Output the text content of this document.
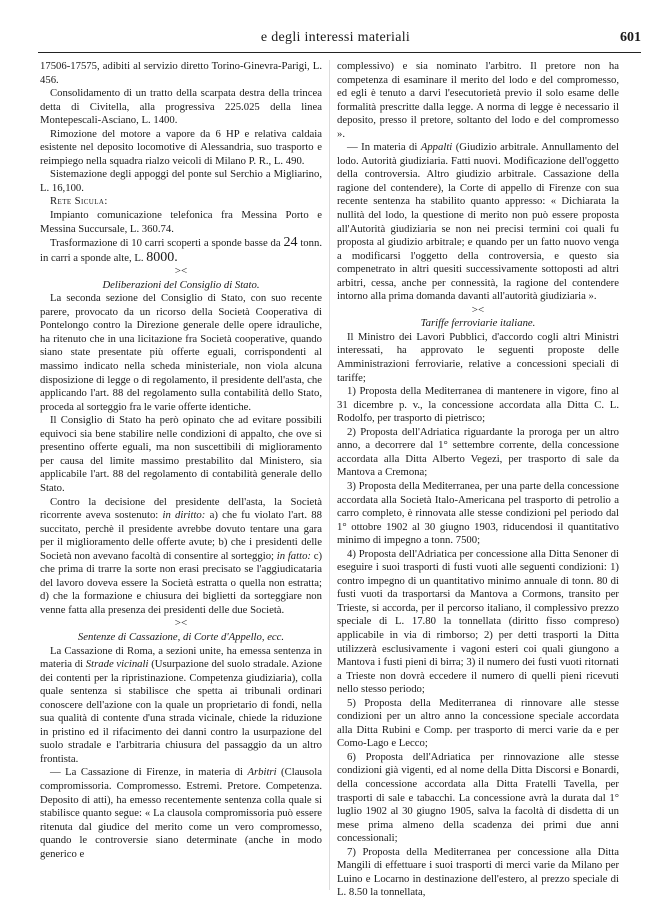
e degli interessi materiali	601

17506-17575, adibiti al servizio diretto Torino-Ginevra-Parigi, L. 456.

Consolidamento di un tratto della scarpata destra della trincea detta di Civitella, alla progressiva 225.025 della linea Montepescali-Asciano, L. 1400.

Rimozione del motore a vapore da 6 HP e relativa caldaia esistente nel deposito locomotive di Alessandria, suo trasporto e reimpiego nella squadra rialzo veicoli di Milano P. R., L. 490.

Sistemazione degli appoggi del ponte sul Serchio a Migliarino, L. 16,100.

Rete Sicula:

Impianto comunicazione telefonica fra Messina Porto e Messina Succursale, L. 360.74.

Trasformazione di 10 carri scoperti a sponde basse da 24 tonn. in carri a sponde alte, L. 8000.

><

Deliberazioni del Consiglio di Stato.

La seconda sezione del Consiglio di Stato, con suo recente parere, provocato da un ricorso della Società Cooperativa di Pontelongo contro la Direzione generale delle opere idrauliche, ha ritenuto che in una licitazione fra Società cooperative, quando siano state presentate più offerte eguali, corrispondenti al massimo indicato nella scheda ministeriale, non viola alcuna disposizione di legge o di regolamento, il presidente dell'asta, che applicando l'art. 88 del regolamento sulla contabilità dello Stato, proceda al sorteggio fra le varie offerte identiche.

Il Consiglio di Stato ha però opinato che ad evitare possibili equivoci sia bene stabilire nelle condizioni di appalto, che ove si presentino offerte eguali, ma non suscettibili di miglioramento per causa del limite massimo prestabilito dal Ministero, sia applicabile l'art. 88 del regolamento di contabilità generale dello Stato.

Contro la decisione del presidente dell'asta, la Società ricorrente aveva sostenuto: in diritto: a) che fu violato l'art. 88 succitato, perchè il presidente avrebbe dovuto tentare una gara per il miglioramento delle offerte avute; b) che i presidenti delle Società non avevano facoltà di consentire al sorteggio; in fatto: c) che prima di trarre la sorte non erasi precisato se l'aggiudicataria del lavoro doveva essere la Società estratta o quella non estratta; d) che la formazione e chiusura dei biglietti da sorteggiare non venne fatta alla presenza dei presidenti delle due Società.

><

Sentenze di Cassazione, di Corte d'Appello, ecc.

La Cassazione di Roma, a sezioni unite, ha emessa sentenza in materia di Strade vicinali (Usurpazione del suolo stradale. Azione dei contenti per la ripristinazione. Competenza giudiziaria), colla quale sentenza si stabilisce che spetta ai tribunali ordinari conoscere dell'azione con la quale un proprietario di fondi, nella sua qualità di contente d'una strada vicinale, chiede la riduzione in pristino ed il rifacimento dei danni contro la usurpazione del suolo stradale e l'arbitraria chiusura del passaggio da un altro frontista.

— La Cassazione di Firenze, in materia di Arbitri (Clausola compromissoria. Compromesso. Estremi. Pretore. Competenza. Deposito di atti), ha emesso recentemente sentenza colla quale si stabilisce quanto segue: « La clausola compromissoria può essere ritenuta dal giudice del merito come un vero compromesso, quando le controversie siano determinate (anche in modo generico e

complessivo) e sia nominato l'arbitro. Il pretore non ha competenza di esaminare il merito del lodo e del compromesso, ed egli è tenuto a darvi l'esecutorietà previo il solo esame delle formalità prescritte dalla legge. A norma di legge è necessario il deposito, presso il pretore, soltanto del lodo e del compromesso ».

— In materia di Appalti (Giudizio arbitrale. Annullamento del lodo. Autorità giudiziaria. Fatti nuovi. Modificazione dell'oggetto della controversia. Altro giudizio arbitrale. Cassazione della ragione del contendere), la Corte di appello di Firenze con sua recente sentenza ha stabilito quanto appresso: « Dichiarata la nullità del lodo, la questione di merito non può essere proposta all'Autorità giudiziaria se non nei precisi termini coi quali fu proposta al giudizio arbitrale; e quando per un fatto nuovo venga a modificarsi l'oggetto della controversia, e questo sia compenetrato in altri quesiti successivamente sottoposti ad altri arbitri, cessa, anche per connessità, la ragione del contendere intorno alla prima domanda davanti all'autorità giudiziaria ».

><

Tariffe ferroviarie italiane.

Il Ministro dei Lavori Pubblici, d'accordo cogli altri Ministri interessati, ha approvato le seguenti proposte delle Amministrazioni ferroviarie, relative a concessioni speciali di tariffe;

1) Proposta della Mediterranea di mantenere in vigore, fino al 31 dicembre p. v., la concessione accordata alla Ditta C. L. Rodolfo, per trasporto di pietrisco;

2) Proposta dell'Adriatica riguardante la proroga per un altro anno, a decorrere dal 1° settembre corrente, della concessione accordata alla Ditta Alberto Vegezi, per trasporto di sale da Mantova a Cremona;

3) Proposta della Mediterranea, per una parte della concessione accordata alla Società Italo-Americana pel trasporto di petrolio a carro completo, è rinnovata alle stesse condizioni pel periodo dal 1° ottobre 1902 al 30 giugno 1903, riducendosi il quantitativo minimo di impegno a tonn. 7500;

4) Proposta dell'Adriatica per concessione alla Ditta Senoner di eseguire i suoi trasporti di fusti vuoti alle seguenti condizioni: 1) contro impegno di un quantitativo minimo annuale di tonn. 80 di fusti vuoti da trasportarsi da Mantova a Cormons, transito per Trieste, si accorda, per il percorso italiano, il complessivo prezzo speciale di L. 17.80 la tonnellata (diritto fisso compreso) applicabile in via di rimborso; 2) per detti trasporti la Ditta utilizzerà esclusivamente i vagoni esteri coi quali giungono a Mantova i fusti pieni di birra; 3) il numero dei fusti vuoti ritornati a Trieste non dovrà eccedere il numero di quelli pieni ricevuti nello stesso periodo;

5) Proposta della Mediterranea di rinnovare alle stesse condizioni per un altro anno la concessione speciale accordata alla Ditta Rubini e Comp. per trasporto di merci varie da e per Como-Lago e Lecco;

6) Proposta dell'Adriatica per rinnovazione alle stesse condizioni già vigenti, ed al nome della Ditta Discorsi e Bonardi, della concessione accordata alla Ditta Fratelli Tavella, per trasporti di sale e tabacchi. La concessione avrà la durata dal 1° luglio 1902 al 30 giugno 1905, salva la facoltà di disdetta di un mese prima almeno della scadenza dei primi due anni concessionali;

7) Proposta della Mediterranea per concessione alla Ditta Mangili di effettuare i suoi trasporti di merci varie da Milano per Luino e Locarno in destinazione dell'estero, al prezzo speciale di L. 8.50 la tonnellata,
